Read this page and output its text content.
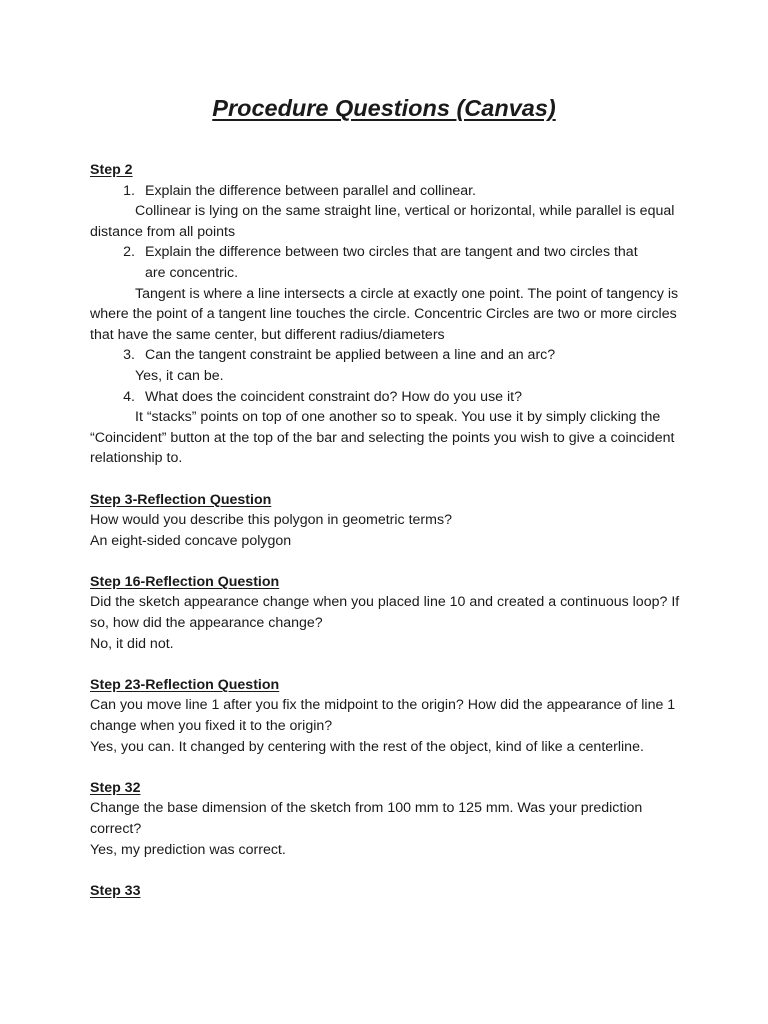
Procedure Questions (Canvas)

Step 2

1. Explain the difference between parallel and collinear.

Collinear is lying on the same straight line, vertical or horizontal, while parallel is equal distance from all points

2. Explain the difference between two circles that are tangent and two circles that
are concentric.

Tangent is where a line intersects a circle at exactly one point. The point of tangency is where the point of a tangent line touches the circle. Concentric Circles are two or more circles that have the same center, but different radius/diameters

3. Can the tangent constraint be applied between a line and an arc?

Yes, it can be.

4. What does the coincident constraint do? How do you use it?

It “stacks” points on top of one another so to speak. You use it by simply clicking the “Coincident” button at the top of the bar and selecting the points you wish to give a coincident relationship to.

Step 3-Reflection Question

How would you describe this polygon in geometric terms?

An eight-sided concave polygon

Step 16-Reflection Question

Did the sketch appearance change when you placed line 10 and created a continuous loop? If so, how did the appearance change?

No, it did not.

Step 23-Reflection Question

Can you move line 1 after you fix the midpoint to the origin? How did the appearance of line 1 change when you fixed it to the origin?

Yes, you can. It changed by centering with the rest of the object, kind of like a centerline.

Step 32

Change the base dimension of the sketch from 100 mm to 125 mm. Was your prediction correct?

Yes, my prediction was correct.

Step 33
